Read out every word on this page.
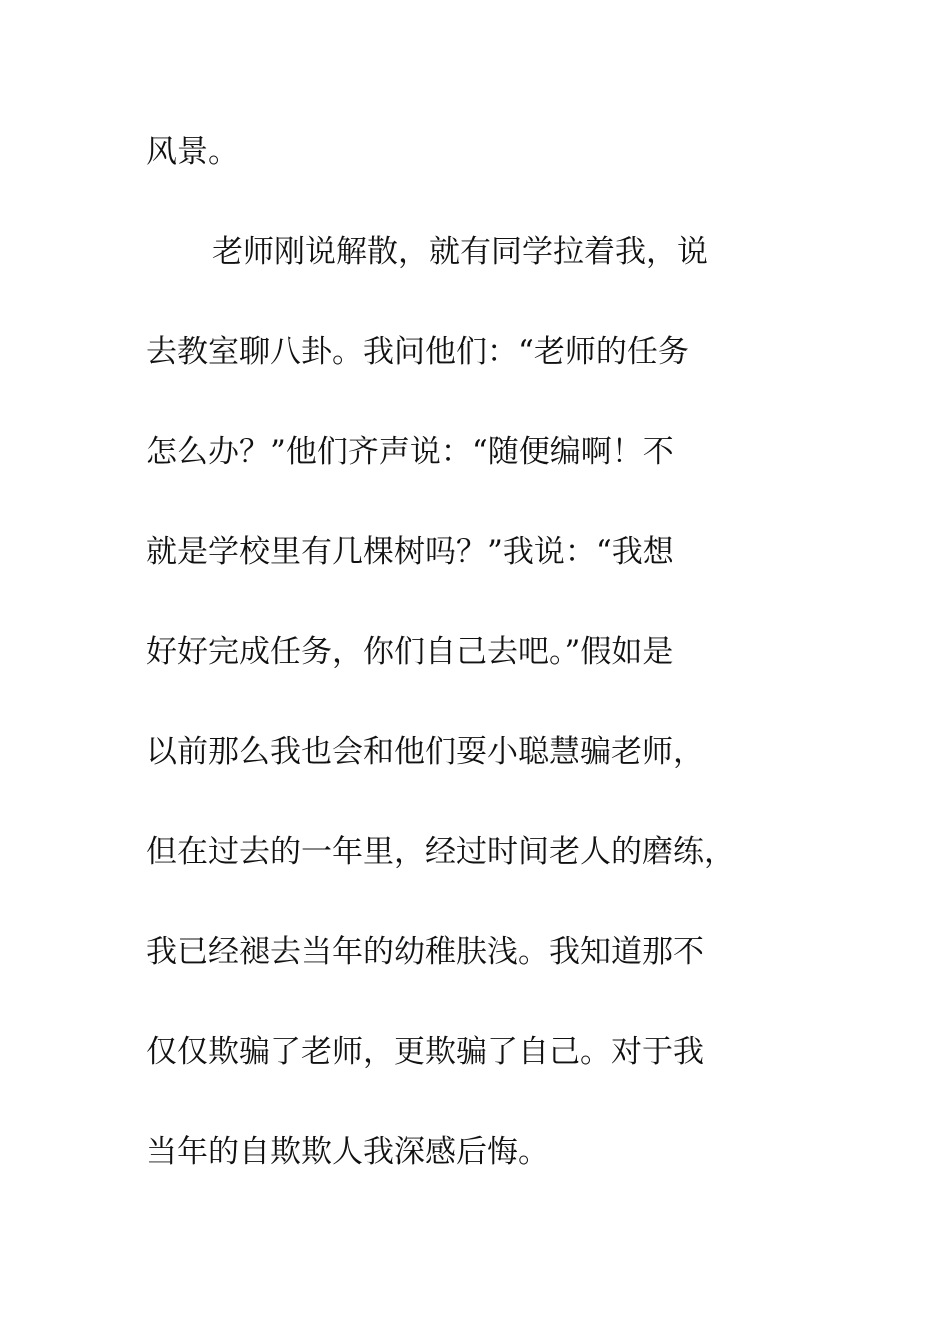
风景。
老师刚说解散，就有同学拉着我，说
去教室聊八卦。我问他们：“老师的任务
怎么办？”他们齐声说：“随便编啊！不
就是学校里有几棵树吗？”我说：“我想
好好完成任务，你们自己去吧。”假如是
以前那么我也会和他们耍小聪慧骗老师，
但在过去的一年里，经过时间老人的磨练，
我已经褪去当年的幼稚肤浅。我知道那不
仅仅欺骗了老师，更欺骗了自己。对于我
当年的自欺欺人我深感后悔。
